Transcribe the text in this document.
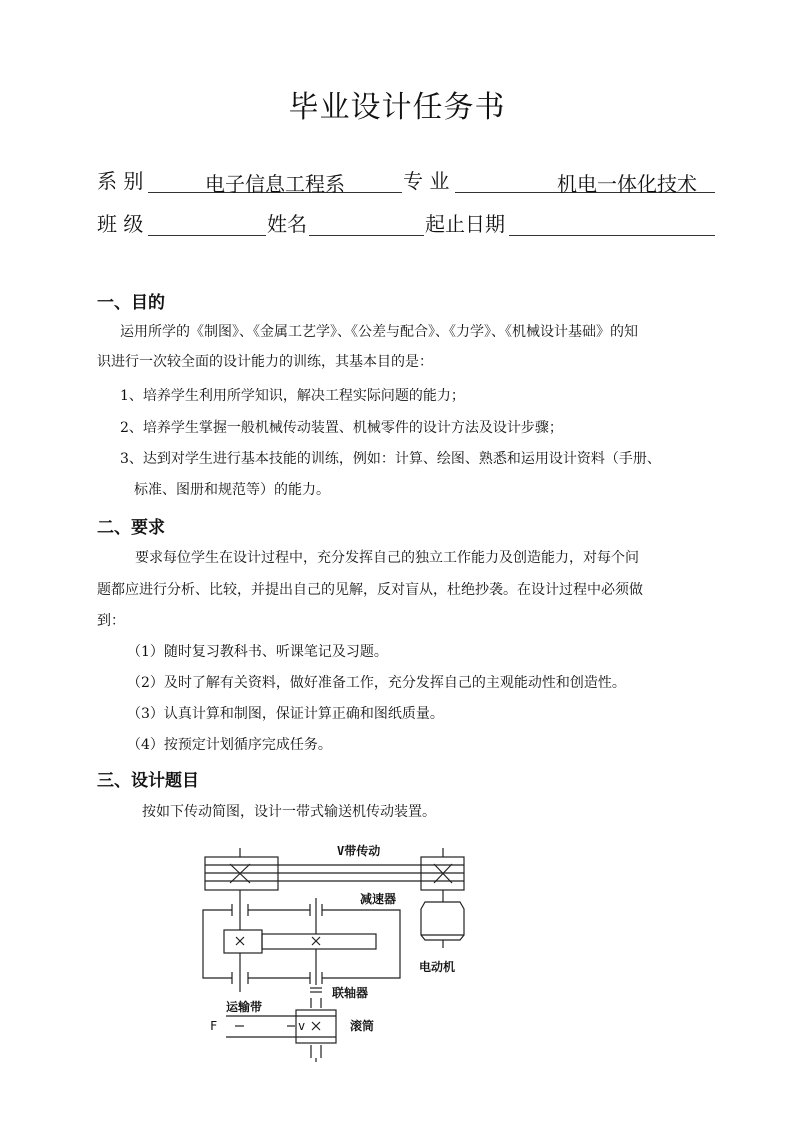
毕业设计任务书
系 别	电子信息工程系	专 业	机电一体化技术
班 级	姓名	起止日期
一、目的
运用所学的《制图》、《金属工艺学》、《公差与配合》、《力学》、《机械设计基础》的知
识进行一次较全面的设计能力的训练，其基本目的是：
1、培养学生利用所学知识，解决工程实际问题的能力；
2、培养学生掌握一般机械传动装置、机械零件的设计方法及设计步骤；
3、达到对学生进行基本技能的训练，例如：计算、绘图、熟悉和运用设计资料（手册、
标准、图册和规范等）的能力。
二、要求
要求每位学生在设计过程中，充分发挥自己的独立工作能力及创造能力，对每个问
题都应进行分析、比较，并提出自己的见解，反对盲从，杜绝抄袭。在设计过程中必须做
到：
（1）随时复习教科书、听课笔记及习题。
（2）及时了解有关资料，做好准备工作，充分发挥自己的主观能动性和创造性。
（3）认真计算和制图，保证计算正确和图纸质量。
（4）按预定计划循序完成任务。
三、设计题目
按如下传动简图，设计一带式输送机传动装置。
V带传动
减速器
电动机
联轴器
运输带
滚筒
F	v
